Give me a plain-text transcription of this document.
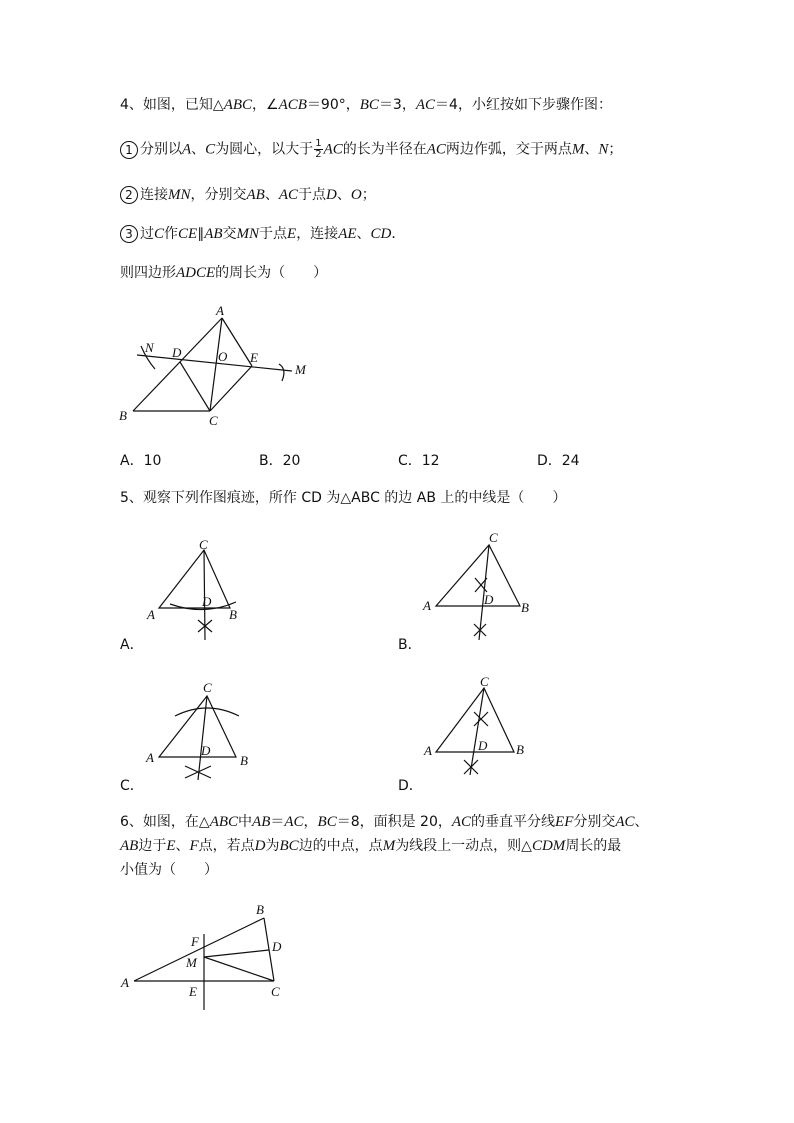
4、如图，已知△ABC，∠ACB＝90°，BC＝3，AC＝4，小红按如下步骤作图：
1 分别以A、C为圆心，以大于 $\frac{1}{2}$ AC的长为半径在AC两边作弧，交于两点M、N；
2 连接MN，分别交AB、AC于点D、O；
3 过C作CE∥AB交MN于点E，连接AE、CD．
则四边形ADCE的周长为（　　）
A
B	C
D	E
O
M
N
A．10	B．20	C．12	D．24
5、观察下列作图痕迹，所作 CD 为△ABC 的边 AB 上的中线是（　　）
C
A	B
D
C
A	B
D
C
A	B
D
C
A	B
D
A．	B．
C．	D．
6、如图，在△ABC中AB＝AC，BC＝8，面积是 20，AC的垂直平分线EF分别交AC、
AB边于E、F点，若点D为BC边的中点，点M为线段上一动点，则△CDM周长的最
小值为（　　）
B
F	D
M
A
E	C
